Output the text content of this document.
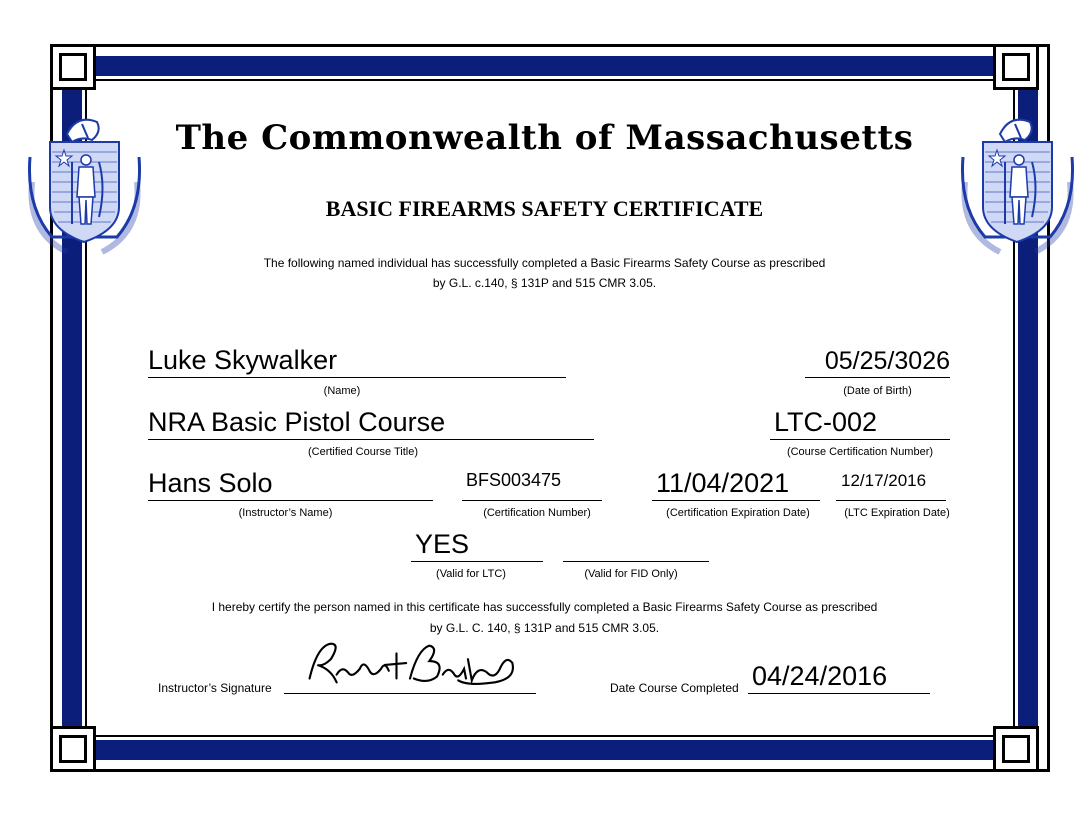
The Commonwealth of Massachusetts
BASIC FIREARMS SAFETY CERTIFICATE
The following named individual has successfully completed a Basic Firearms Safety Course as prescribed
by G.L. c.140, § 131P and 515 CMR 3.05.
Luke Skywalker
(Name)
05/25/3026
(Date of Birth)
NRA Basic Pistol Course
(Certified Course Title)
LTC-002
(Course Certification Number)
Hans Solo
(Instructor’s Name)
BFS003475
(Certification Number)
11/04/2021
(Certification Expiration Date)
12/17/2016
(LTC Expiration Date)
YES
(Valid for LTC)	(Valid for FID Only)
I hereby certify the person named in this certificate has successfully completed a Basic Firearms Safety Course as prescribed
by G.L. C. 140, § 131P and 515 CMR 3.05.
Instructor’s Signature	Date Course Completed 04/24/2016
